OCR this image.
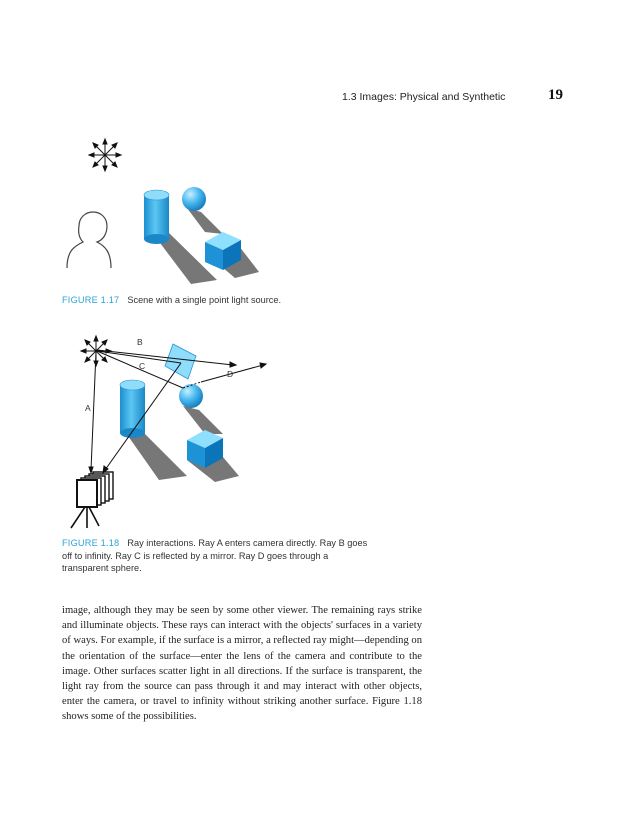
1.3 Images: Physical and Synthetic	19
FIGURE 1.17 Scene with a single point light source.
A
B
C
D
FIGURE 1.18 Ray interactions. Ray A enters camera directly. Ray B goes off to infinity. Ray C is reflected by a mirror. Ray D goes through a transparent sphere.

image, although they may be seen by some other viewer. The remaining rays strike and illuminate objects. These rays can interact with the objects' surfaces in a variety of ways. For example, if the surface is a mirror, a reflected ray might—depending on the orientation of the surface—enter the lens of the camera and contribute to the image. Other surfaces scatter light in all directions. If the surface is transparent, the light ray from the source can pass through it and may interact with other objects, enter the camera, or travel to infinity without striking another surface. Figure 1.18 shows some of the possibilities.
